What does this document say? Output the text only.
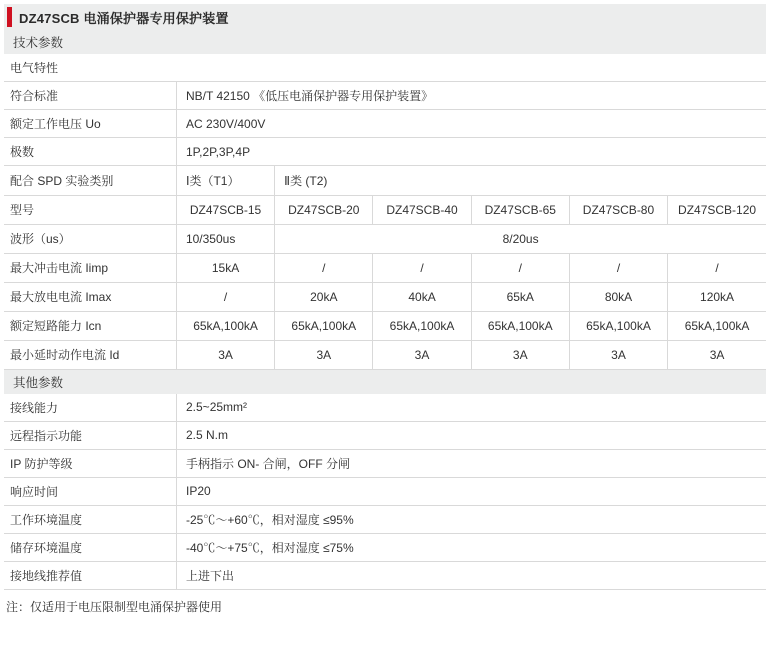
DZ47SCB 电涌保护器专用保护装置
技术参数
电气特性
符合标准	NB/T 42150 《低压电涌保护器专用保护装置》
额定工作电压 Uo	AC 230V/400V
极数	1P,2P,3P,4P
配合 SPD 实验类别	Ⅰ类（T1）	Ⅱ类 (T2)				
型号	DZ47SCB-15	DZ47SCB-20	DZ47SCB-40	DZ47SCB-65	DZ47SCB-80	DZ47SCB-120
波形（us）	10/350us	8/20us				
最大冲击电流 Iimp	15kA	/	/	/	/	/
最大放电电流 Imax	/	20kA	40kA	65kA	80kA	120kA
额定短路能力 Icn	65kA,100kA	65kA,100kA	65kA,100kA	65kA,100kA	65kA,100kA	65kA,100kA
最小延时动作电流 Id	3A	3A	3A	3A	3A	3A
其他参数
接线能力	2.5~25mm²
远程指示功能	2.5 N.m
IP 防护等级	手柄指示 ON- 合闸，OFF 分闸
响应时间	IP20
工作环境温度	-25℃～+60℃，相对湿度 ≤95%
储存环境温度	-40℃～+75℃，相对湿度 ≤75%
接地线推荐值	上进下出
注：仅适用于电压限制型电涌保护器使用
